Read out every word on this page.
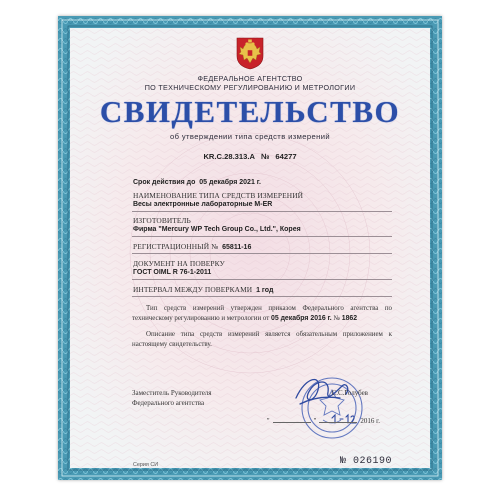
ФЕДЕРАЛЬНОЕ АГЕНТСТВО
ПО ТЕХНИЧЕСКОМУ РЕГУЛИРОВАНИЮ И МЕТРОЛОГИИ
СВИДЕТЕЛЬСТВО
об утверждении типа средств измерений
KR.C.28.313.A № 64277
Срок действия до 05 декабря 2021 г.
НАИМЕНОВАНИЕ ТИПА СРЕДСТВ ИЗМЕРЕНИЙ
Весы электронные лабораторные M-ER
ИЗГОТОВИТЕЛЬ
Фирма "Mercury WP Tech Group Co., Ltd.", Корея
РЕГИСТРАЦИОННЫЙ № 65811-16
ДОКУМЕНТ НА ПОВЕРКУ
ГОСТ OIML R 76-1-2011
ИНТЕРВАЛ МЕЖДУ ПОВЕРКАМИ 1 год
Тип средств измерений утвержден приказом Федерального агентства по техническому регулированию и метрологии от 05 декабря 2016 г. № 1862
Описание типа средств измерений является обязательным приложением к настоящему свидетельству.
Заместитель Руководителя
Федерального агентства
С.С.Голубев
"	"	2016 г.
Серия СИ	№ 026190
